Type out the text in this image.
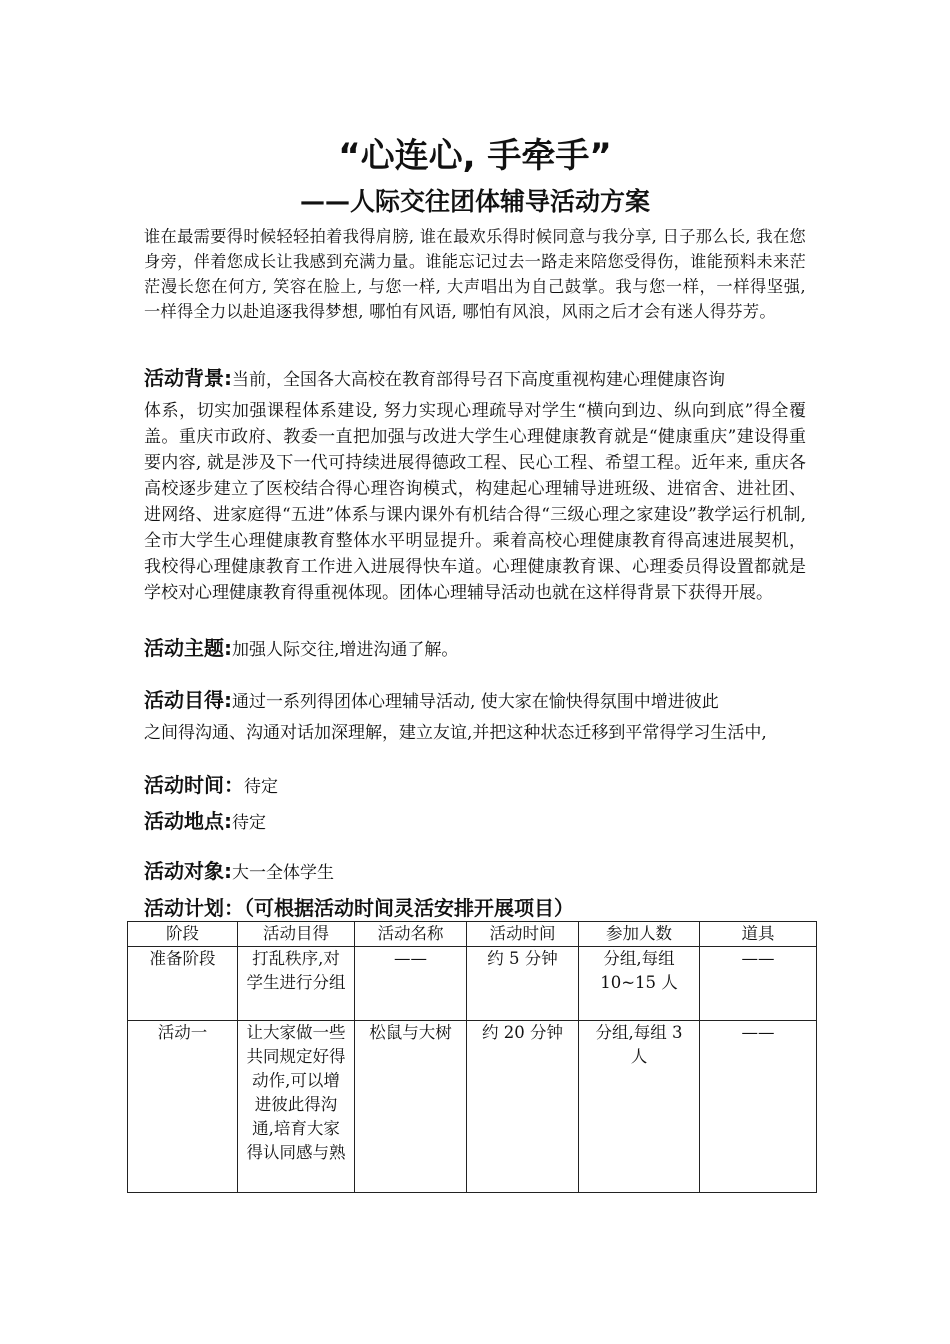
“心连心, 手牵手”
——人际交往团体辅导活动方案
谁在最需要得时候轻轻拍着我得肩膀, 谁在最欢乐得时候同意与我分享, 日子那么长, 我在您身旁，伴着您成长让我感到充满力量。谁能忘记过去一路走来陪您受得伤，谁能预料未来茫茫漫长您在何方, 笑容在脸上, 与您一样, 大声唱出为自己鼓掌。我与您一样，一样得坚强, 一样得全力以赴追逐我得梦想, 哪怕有风语, 哪怕有风浪，风雨之后才会有迷人得芬芳。
活动背景:当前，全国各大高校在教育部得号召下高度重视构建心理健康咨询
体系，切实加强课程体系建设, 努力实现心理疏导对学生“横向到边、纵向到底”得全覆盖。重庆市政府、教委一直把加强与改进大学生心理健康教育就是“健康重庆”建设得重要内容, 就是涉及下一代可持续进展得德政工程、民心工程、希望工程。近年来, 重庆各高校逐步建立了医校结合得心理咨询模式，构建起心理辅导进班级、进宿舍、进社团、进网络、进家庭得“五进”体系与课内课外有机结合得“三级心理之家建设”教学运行机制, 全市大学生心理健康教育整体水平明显提升。乘着高校心理健康教育得高速进展契机，我校得心理健康教育工作进入进展得快车道。心理健康教育课、心理委员得设置都就是学校对心理健康教育得重视体现。团体心理辅导活动也就在这样得背景下获得开展。
活动主题:加强人际交往,增进沟通了解。
活动目得:通过一系列得团体心理辅导活动, 使大家在愉快得氛围中增进彼此
之间得沟通、沟通对话加深理解，建立友谊,并把这种状态迁移到平常得学习生活中,
活动时间：待定
活动地点:待定
活动对象:大一全体学生
活动计划：（可根据活动时间灵活安排开展项目）
阶段	活动目得	活动名称	活动时间	参加人数	道具
准备阶段	打乱秩序,对学生进行分组	——	约 5 分钟	分组,每组 10~15 人	——
活动一	让大家做一些共同规定好得动作,可以增进彼此得沟通,培育大家得认同感与熟	松鼠与大树	约 20 分钟	分组,每组 3 人	——
